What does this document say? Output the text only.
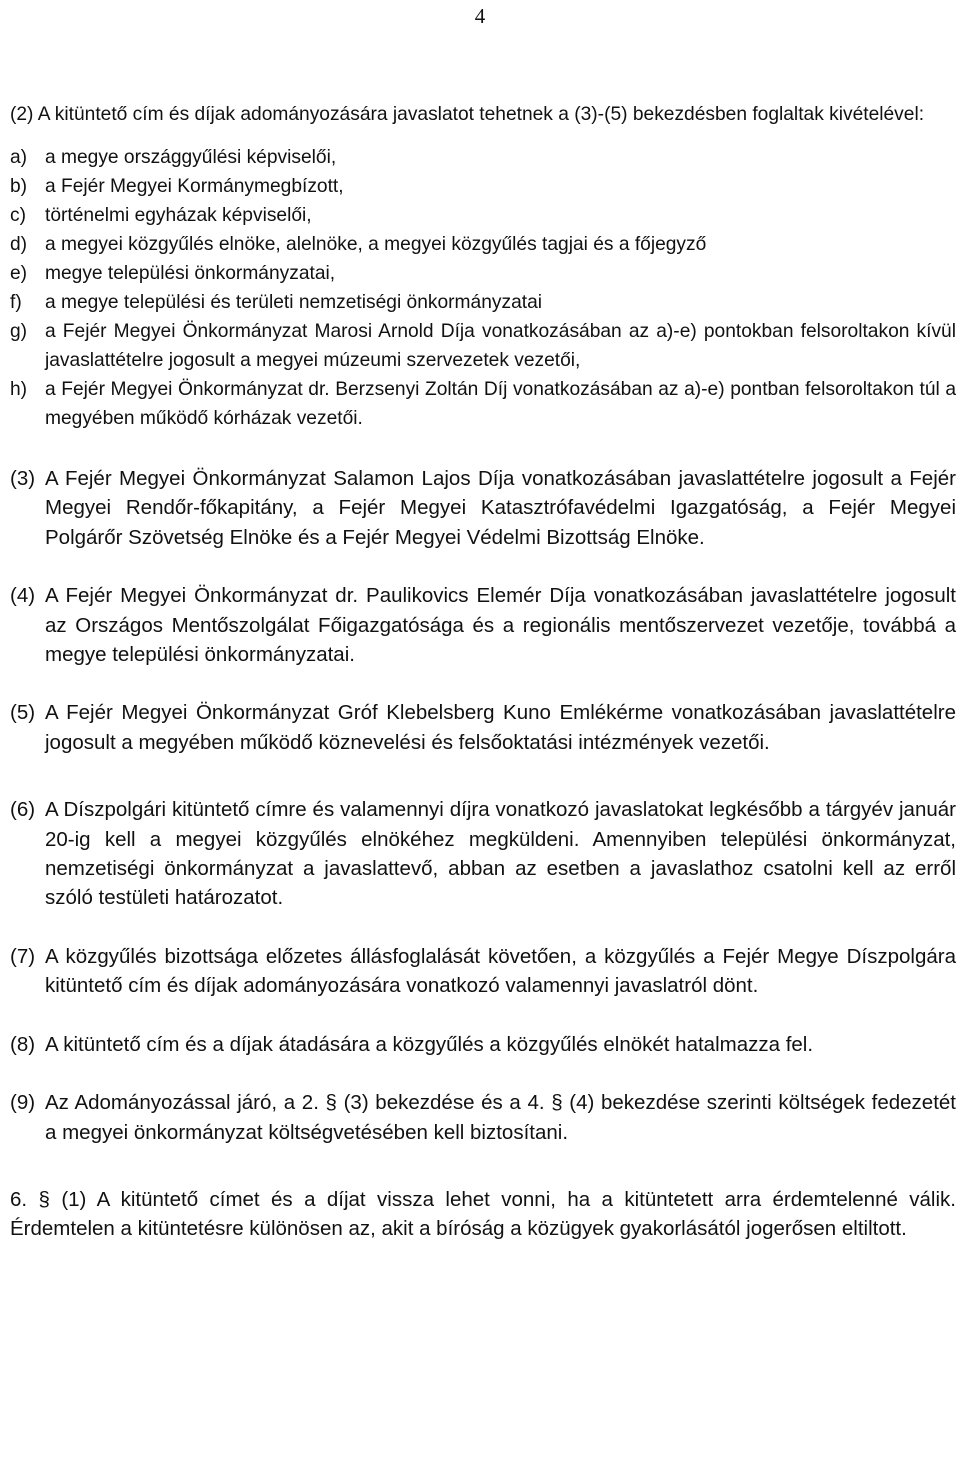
4
(2) A kitüntető cím és díjak adományozására javaslatot tehetnek a (3)-(5) bekezdésben foglaltak kivételével:
a) a megye országgyűlési képviselői,
b) a Fejér Megyei Kormánymegbízott,
c) történelmi egyházak képviselői,
d) a megyei közgyűlés elnöke, alelnöke, a megyei közgyűlés tagjai és a főjegyző
e) megye települési önkormányzatai,
f) a megye települési és területi nemzetiségi önkormányzatai
g) a Fejér Megyei Önkormányzat Marosi Arnold Díja vonatkozásában az a)-e) pontokban felsoroltakon kívül javaslattételre jogosult a megyei múzeumi szervezetek vezetői,
h) a Fejér Megyei Önkormányzat dr. Berzsenyi Zoltán Díj vonatkozásában az a)-e) pontban felsoroltakon túl a megyében működő kórházak vezetői.
(3) A Fejér Megyei Önkormányzat Salamon Lajos Díja vonatkozásában javaslattételre jogosult a Fejér Megyei Rendőr-főkapitány, a Fejér Megyei Katasztrófavédelmi Igazgatóság, a Fejér Megyei Polgárőr Szövetség Elnöke és a Fejér Megyei Védelmi Bizottság Elnöke.
(4) A Fejér Megyei Önkormányzat dr. Paulikovics Elemér Díja vonatkozásában javaslattételre jogosult az Országos Mentőszolgálat Főigazgatósága és a regionális mentőszervezet vezetője, továbbá a megye települési önkormányzatai.
(5) A Fejér Megyei Önkormányzat Gróf Klebelsberg Kuno Emlékérme vonatkozásában javaslattételre jogosult a megyében működő köznevelési és felsőoktatási intézmények vezetői.
(6) A Díszpolgári kitüntető címre és valamennyi díjra vonatkozó javaslatokat legkésőbb a tárgyév január 20-ig kell a megyei közgyűlés elnökéhez megküldeni. Amennyiben települési önkormányzat, nemzetiségi önkormányzat a javaslattevő, abban az esetben a javaslathoz csatolni kell az erről szóló testületi határozatot.
(7) A közgyűlés bizottsága előzetes állásfoglalását követően, a közgyűlés a Fejér Megye Díszpolgára kitüntető cím és díjak adományozására vonatkozó valamennyi javaslatról dönt.
(8) A kitüntető cím és a díjak átadására a közgyűlés a közgyűlés elnökét hatalmazza fel.
(9) Az Adományozással járó, a 2. § (3) bekezdése és a 4. § (4) bekezdése szerinti költségek fedezetét a megyei önkormányzat költségvetésében kell biztosítani.
6. § (1) A kitüntető címet és a díjat vissza lehet vonni, ha a kitüntetett arra érdemtelenné válik. Érdemtelen a kitüntetésre különösen az, akit a bíróság a közügyek gyakorlásától jogerősen eltiltott.
